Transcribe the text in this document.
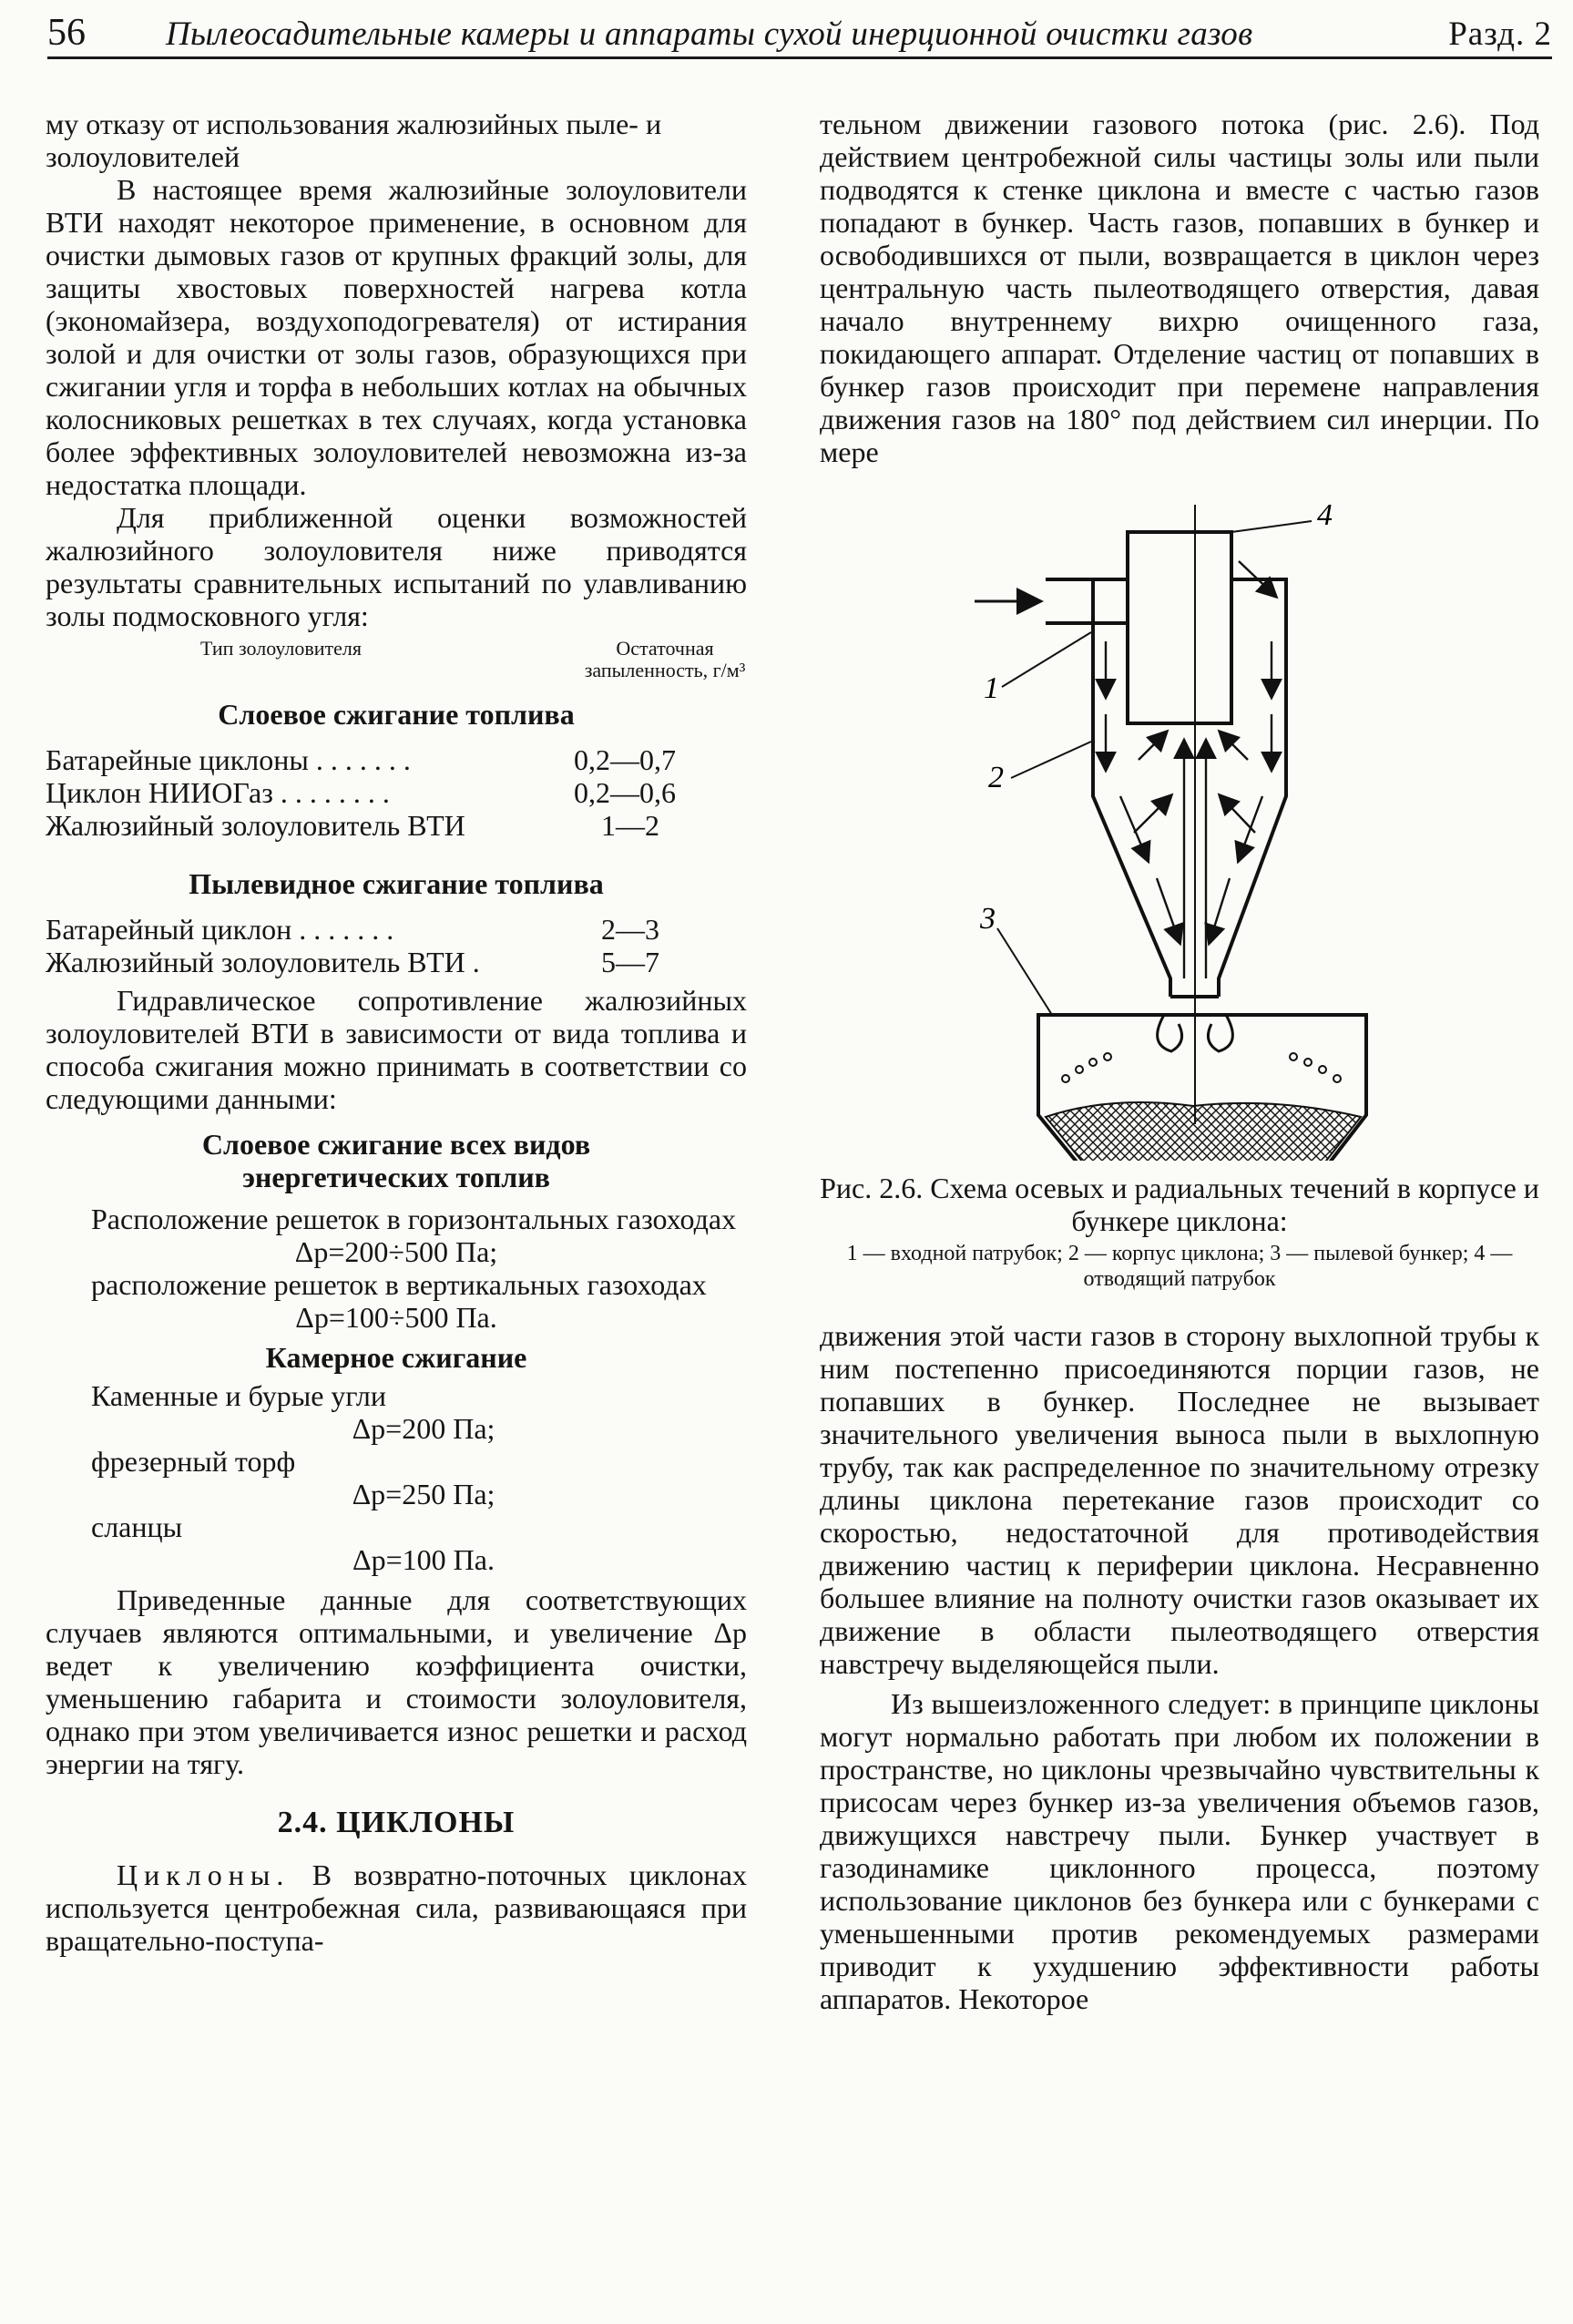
56 Пылеосадительные камеры и аппараты сухой инерционной очистки газов	Разд. 2

му отказу от использования жалюзийных пыле- и золоуловителей

В настоящее время жалюзийные золоуловители ВТИ находят некоторое применение, в основном для очистки дымовых газов от крупных фракций золы, для защиты хвостовых поверхностей нагрева котла (экономайзера, воздухоподогревателя) от истирания золой и для очистки от золы газов, образующихся при сжигании угля и торфа в небольших котлах на обычных колосниковых решетках в тех случаях, когда установка более эффективных золоуловителей невозможна из-за недостатка площади.

Для приближенной оценки возможностей жалюзийного золоуловителя ниже приводятся результаты сравнительных испытаний по улавливанию золы подмосковного угля:

Тип золоуловителя	Остаточная запыленность, г/м³
Слоевое сжигание топлива
Батарейные циклоны . . . . . . .	0,2—0,7
Циклон НИИОГаз . . . . . . . .	0,2—0,6
Жалюзийный золоуловитель ВТИ	1—2
Пылевидное сжигание топлива
Батарейный циклон . . . . . . .	2—3
Жалюзийный золоуловитель ВТИ .	5—7

Гидравлическое сопротивление жалюзийных золоуловителей ВТИ в зависимости от вида топлива и способа сжигания можно принимать в соответствии со следующими данными:

Слоевое сжигание всех видов
энергетических топлив

Расположение решеток в горизонтальных газоходах

Δp=200÷500 Па;

расположение решеток в вертикальных газоходах

Δp=100÷500 Па.
Камерное сжигание

Каменные и бурые угли

Δp=200 Па;

фрезерный торф

Δp=250 Па;

сланцы

Δp=100 Па.

Приведенные данные для соответствующих случаев являются оптимальными, и увеличение Δp ведет к увеличению коэффициента очистки, уменьшению габарита и стоимости золоуловителя, однако при этом увеличивается износ решетки и расход энергии на тягу.

2.4. ЦИКЛОНЫ

Циклоны. В возвратно-поточных циклонах используется центробежная сила, развивающаяся при вращательно-поступа-

тельном движении газового потока (рис. 2.6). Под действием центробежной силы частицы золы или пыли подводятся к стенке циклона и вместе с частью газов попадают в бункер. Часть газов, попавших в бункер и освободившихся от пыли, возвращается в циклон через центральную часть пылеотводящего отверстия, давая начало внутреннему вихрю очищенного газа, покидающего аппарат. Отделение частиц от попавших в бункер газов происходит при перемене направления движения газов на 180° под действием сил инерции. По мере

4
1
2
3
Рис. 2.6. Схема осевых и радиальных течений в корпусе и бункере циклона:
1 — входной патрубок; 2 — корпус циклона; 3 — пылевой бункер; 4 — отводящий патрубок

движения этой части газов в сторону выхлопной трубы к ним постепенно присоединяются порции газов, не попавших в бункер. Последнее не вызывает значительного увеличения выноса пыли в выхлопную трубу, так как распределенное по значительному отрезку длины циклона перетекание газов происходит со скоростью, недостаточной для противодействия движению частиц к периферии циклона. Несравненно большее влияние на полноту очистки газов оказывает их движение в области пылеотводящего отверстия навстречу выделяющейся пыли.

Из вышеизложенного следует: в принципе циклоны могут нормально работать при любом их положении в пространстве, но циклоны чрезвычайно чувствительны к присосам через бункер из-за увеличения объемов газов, движущихся навстречу пыли. Бункер участвует в газодинамике циклонного процесса, поэтому использование циклонов без бункера или с бункерами с уменьшенными против рекомендуемых размерами приводит к ухудшению эффективности работы аппаратов. Некоторое
